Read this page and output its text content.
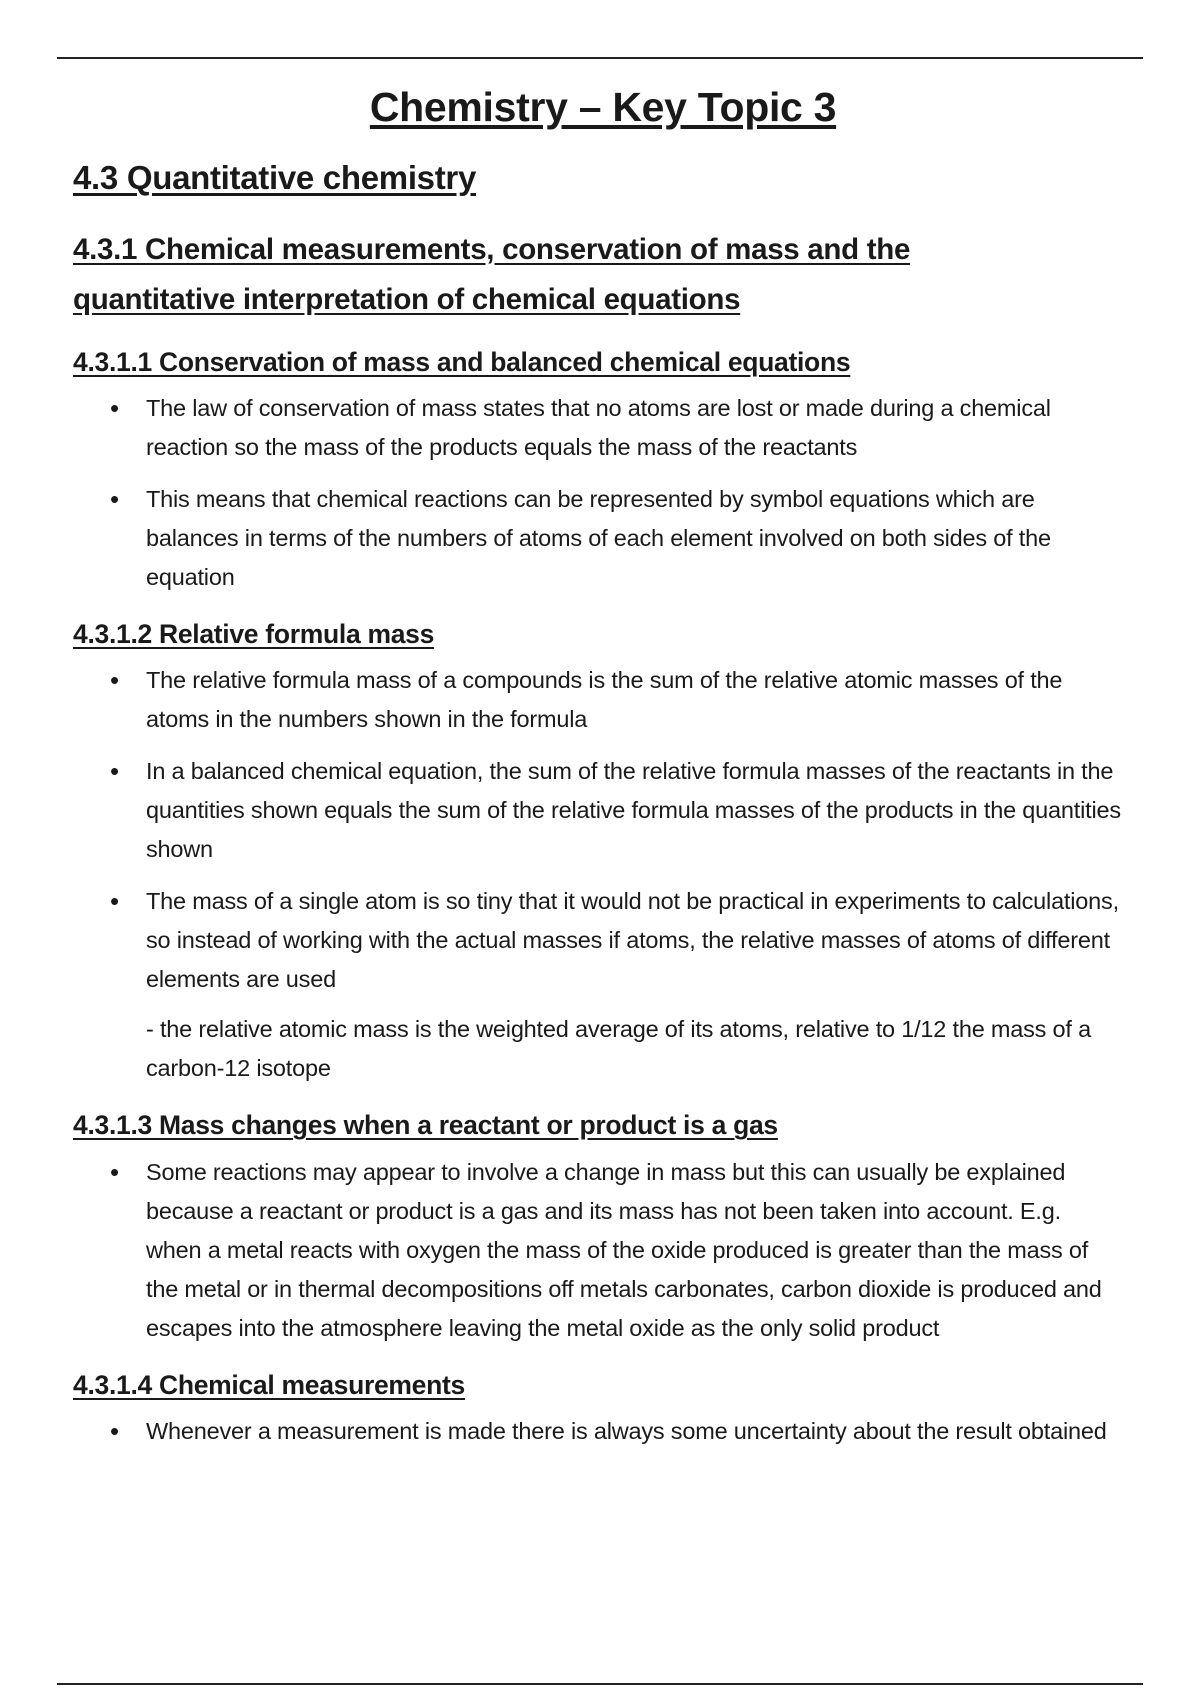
Chemistry – Key Topic 3
4.3 Quantitative chemistry
4.3.1 Chemical measurements, conservation of mass and the quantitative interpretation of chemical equations
4.3.1.1 Conservation of mass and balanced chemical equations
• The law of conservation of mass states that no atoms are lost or made during a chemical reaction so the mass of the products equals the mass of the reactants
• This means that chemical reactions can be represented by symbol equations which are balances in terms of the numbers of atoms of each element involved on both sides of the equation
4.3.1.2 Relative formula mass
• The relative formula mass of a compounds is the sum of the relative atomic masses of the atoms in the numbers shown in the formula
• In a balanced chemical equation, the sum of the relative formula masses of the reactants in the quantities shown equals the sum of the relative formula masses of the products in the quantities shown
• The mass of a single atom is so tiny that it would not be practical in experiments to calculations, so instead of working with the actual masses if atoms, the relative masses of atoms of different elements are used
- the relative atomic mass is the weighted average of its atoms, relative to 1/12 the mass of a carbon-12 isotope
4.3.1.3 Mass changes when a reactant or product is a gas
• Some reactions may appear to involve a change in mass but this can usually be explained because a reactant or product is a gas and its mass has not been taken into account. E.g. when a metal reacts with oxygen the mass of the oxide produced is greater than the mass of the metal or in thermal decompositions off metals carbonates, carbon dioxide is produced and escapes into the atmosphere leaving the metal oxide as the only solid product
4.3.1.4 Chemical measurements
• Whenever a measurement is made there is always some uncertainty about the result obtained
